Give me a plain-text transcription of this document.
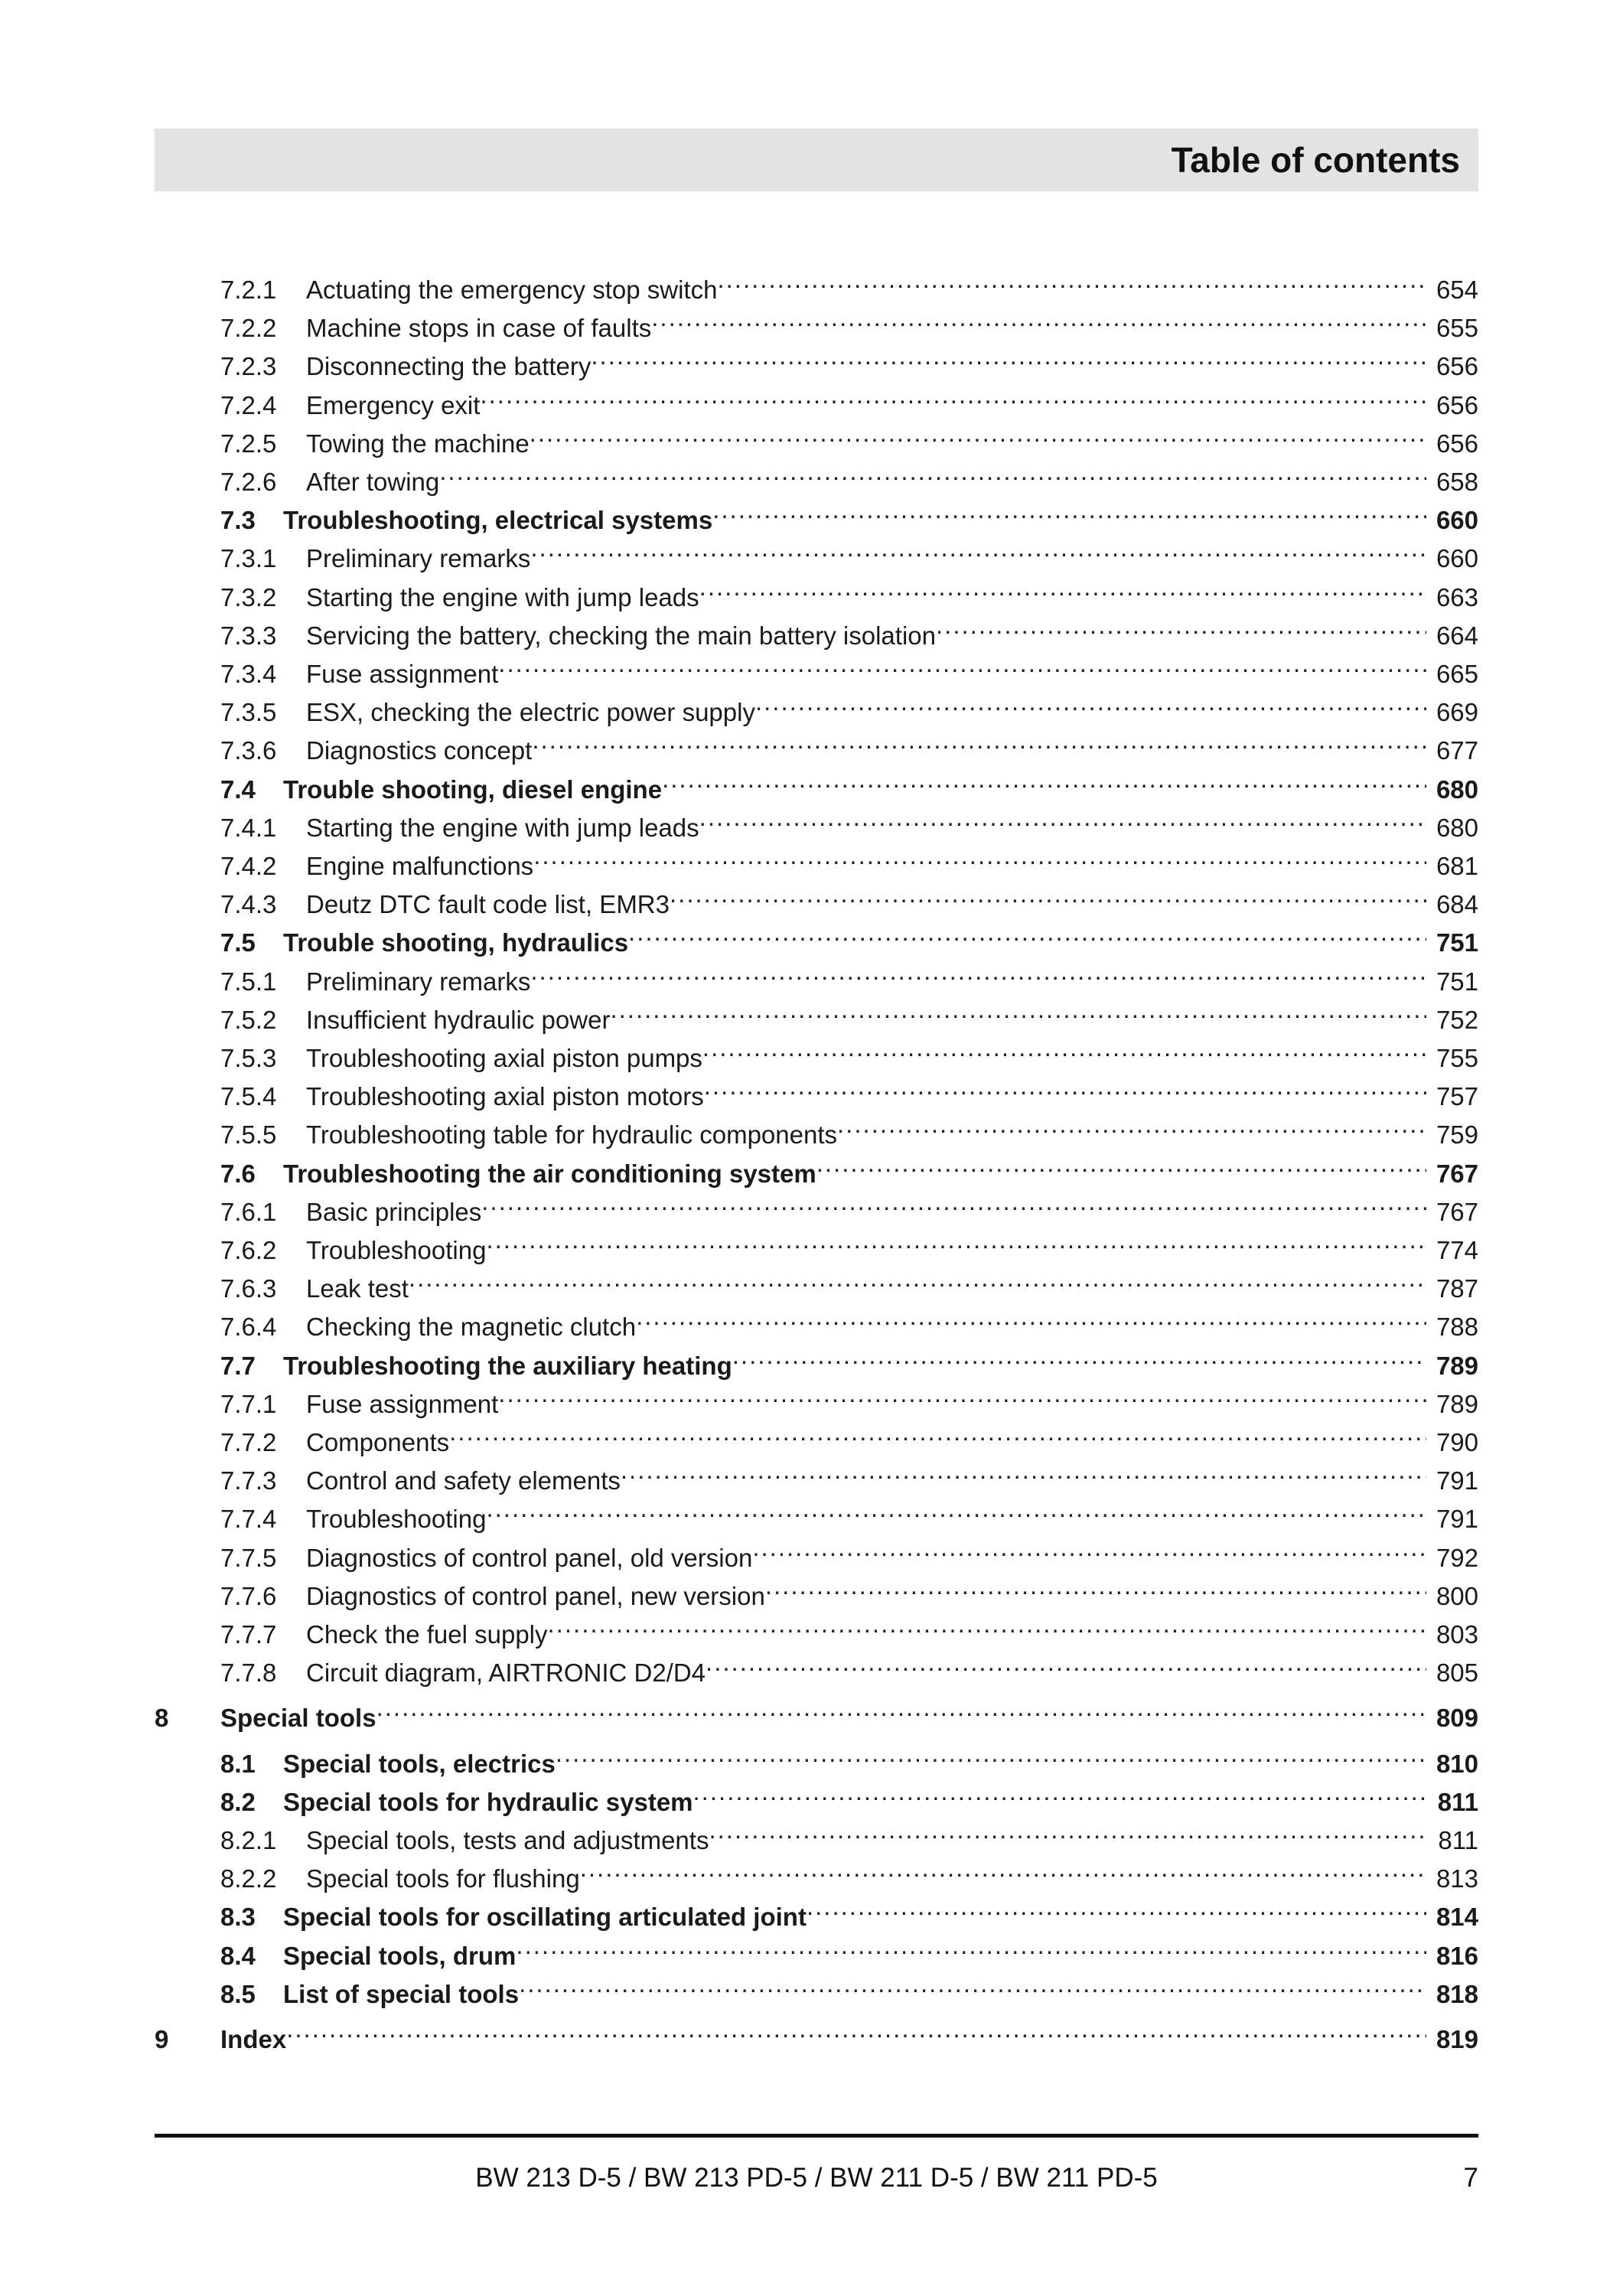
Table of contents
7.2.1	Actuating the emergency stop switch .....	654
7.2.2	Machine stops in case of faults .....	655
7.2.3	Disconnecting the battery .....	656
7.2.4	Emergency exit .....	656
7.2.5	Towing the machine .....	656
7.2.6	After towing .....	658
7.3	Troubleshooting, electrical systems .....	660
7.3.1	Preliminary remarks .....	660
7.3.2	Starting the engine with jump leads .....	663
7.3.3	Servicing the battery, checking the main battery isolation .....	664
7.3.4	Fuse assignment .....	665
7.3.5	ESX, checking the electric power supply .....	669
7.3.6	Diagnostics concept .....	677
7.4	Trouble shooting, diesel engine .....	680
7.4.1	Starting the engine with jump leads .....	680
7.4.2	Engine malfunctions .....	681
7.4.3	Deutz DTC fault code list, EMR3 .....	684
7.5	Trouble shooting, hydraulics .....	751
7.5.1	Preliminary remarks .....	751
7.5.2	Insufficient hydraulic power .....	752
7.5.3	Troubleshooting axial piston pumps .....	755
7.5.4	Troubleshooting axial piston motors .....	757
7.5.5	Troubleshooting table for hydraulic components .....	759
7.6	Troubleshooting the air conditioning system .....	767
7.6.1	Basic principles .....	767
7.6.2	Troubleshooting .....	774
7.6.3	Leak test .....	787
7.6.4	Checking the magnetic clutch .....	788
7.7	Troubleshooting the auxiliary heating .....	789
7.7.1	Fuse assignment .....	789
7.7.2	Components .....	790
7.7.3	Control and safety elements .....	791
7.7.4	Troubleshooting .....	791
7.7.5	Diagnostics of control panel, old version .....	792
7.7.6	Diagnostics of control panel, new version .....	800
7.7.7	Check the fuel supply .....	803
7.7.8	Circuit diagram, AIRTRONIC D2/D4 .....	805
8	Special tools .....	809
8.1	Special tools, electrics .....	810
8.2	Special tools for hydraulic system .....	811
8.2.1	Special tools, tests and adjustments .....	811
8.2.2	Special tools for flushing .....	813
8.3	Special tools for oscillating articulated joint .....	814
8.4	Special tools, drum .....	816
8.5	List of special tools .....	818
9	Index .....	819
BW 213 D-5 / BW 213 PD-5 / BW 211 D-5 / BW 211 PD-5	7
